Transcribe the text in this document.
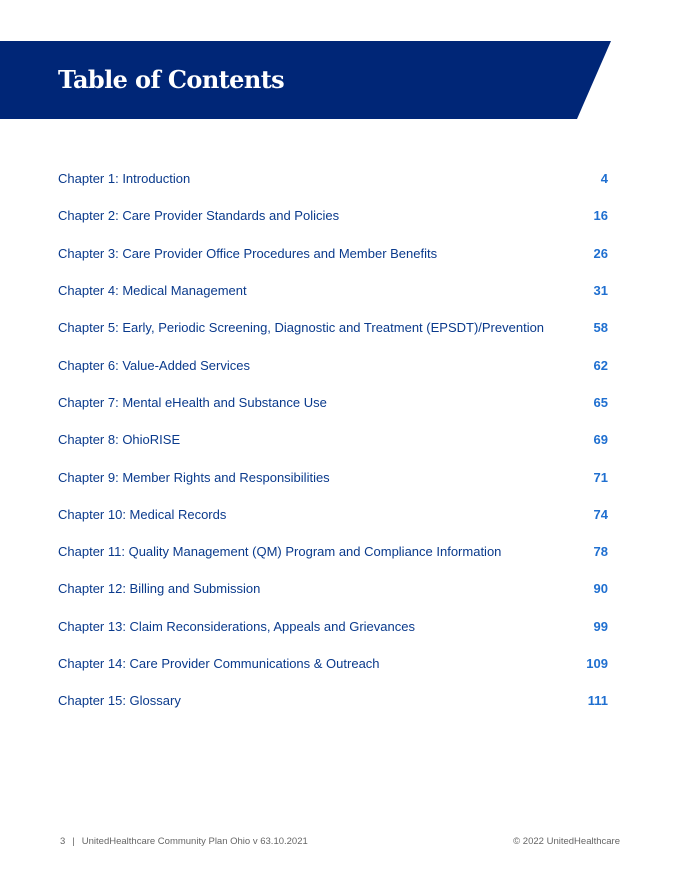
Table of Contents
Chapter 1: Introduction	4
Chapter 2: Care Provider Standards and Policies	16
Chapter 3: Care Provider Office Procedures and Member Benefits	26
Chapter 4: Medical Management	31
Chapter 5: Early, Periodic Screening, Diagnostic and Treatment (EPSDT)/Prevention	58
Chapter 6: Value-Added Services	62
Chapter 7: Mental eHealth and Substance Use	65
Chapter 8: OhioRISE	69
Chapter 9: Member Rights and Responsibilities	71
Chapter 10: Medical Records	74
Chapter 11: Quality Management (QM) Program and Compliance Information	78
Chapter 12: Billing and Submission	90
Chapter 13: Claim Reconsiderations, Appeals and Grievances	99
Chapter 14: Care Provider Communications & Outreach	109
Chapter 15: Glossary	111
3 | UnitedHealthcare Community Plan Ohio v 63.10.2021	© 2022 UnitedHealthcare
